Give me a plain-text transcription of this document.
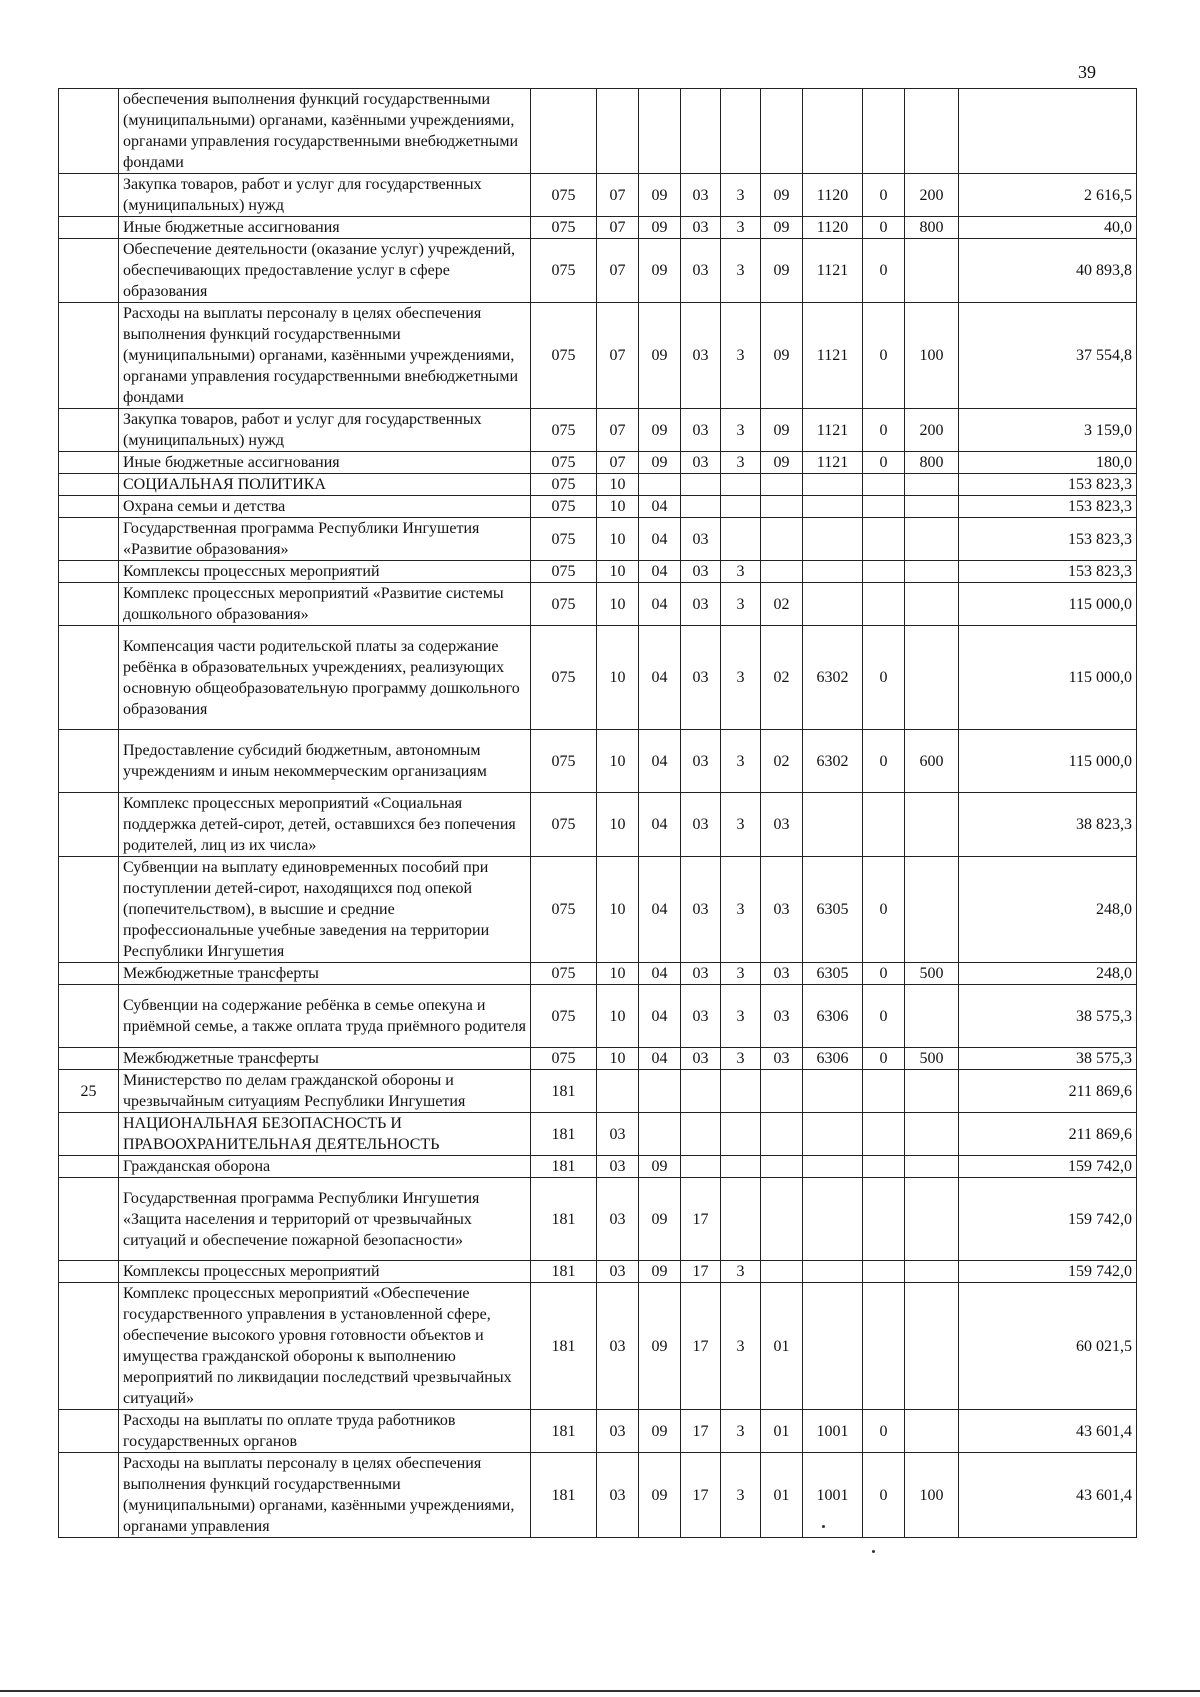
39
	обеспечения выполнения функций государственными (муниципальными) органами, казёнными учреждениями, органами управления государственными внебюджетными фондами										
	Закупка товаров, работ и услуг для государственных (муниципальных) нужд	075	07	09	03	3	09	1120	0	200	2 616,5
	Иные бюджетные ассигнования	075	07	09	03	3	09	1120	0	800	40,0
	Обеспечение деятельности (оказание услуг) учреждений, обеспечивающих предоставление услуг в сфере образования	075	07	09	03	3	09	1121	0		40 893,8
	Расходы на выплаты персоналу в целях обеспечения выполнения функций государственными (муниципальными) органами, казёнными учреждениями, органами управления государственными внебюджетными фондами	075	07	09	03	3	09	1121	0	100	37 554,8
	Закупка товаров, работ и услуг для государственных (муниципальных) нужд	075	07	09	03	3	09	1121	0	200	3 159,0
	Иные бюджетные ассигнования	075	07	09	03	3	09	1121	0	800	180,0
	СОЦИАЛЬНАЯ ПОЛИТИКА	075	10								153 823,3
	Охрана семьи и детства	075	10	04							153 823,3
	Государственная программа Республики Ингушетия «Развитие образования»	075	10	04	03						153 823,3
	Комплексы процессных мероприятий	075	10	04	03	3					153 823,3
	Комплекс процессных мероприятий «Развитие системы дошкольного образования»	075	10	04	03	3	02				115 000,0
	Компенсация части родительской платы за содержание ребёнка в образовательных учреждениях, реализующих основную общеобразовательную программу дошкольного образования	075	10	04	03	3	02	6302	0		115 000,0
	Предоставление субсидий бюджетным, автономным учреждениям и иным некоммерческим организациям	075	10	04	03	3	02	6302	0	600	115 000,0
	Комплекс процессных мероприятий «Социальная поддержка детей-сирот, детей, оставшихся без попечения родителей, лиц из их числа»	075	10	04	03	3	03				38 823,3
	Субвенции на выплату единовременных пособий при поступлении детей-сирот, находящихся под опекой (попечительством), в высшие и средние профессиональные учебные заведения на территории Республики Ингушетия	075	10	04	03	3	03	6305	0		248,0
	Межбюджетные трансферты	075	10	04	03	3	03	6305	0	500	248,0
	Субвенции на содержание ребёнка в семье опекуна и приёмной семье, а также оплата труда приёмного родителя	075	10	04	03	3	03	6306	0		38 575,3
	Межбюджетные трансферты	075	10	04	03	3	03	6306	0	500	38 575,3
25	Министерство по делам гражданской обороны и чрезвычайным ситуациям Республики Ингушетия	181									211 869,6
	НАЦИОНАЛЬНАЯ БЕЗОПАСНОСТЬ И ПРАВООХРАНИТЕЛЬНАЯ ДЕЯТЕЛЬНОСТЬ	181	03								211 869,6
	Гражданская оборона	181	03	09							159 742,0
	Государственная программа Республики Ингушетия «Защита населения и территорий от чрезвычайных ситуаций и обеспечение пожарной безопасности»	181	03	09	17						159 742,0
	Комплексы процессных мероприятий	181	03	09	17	3					159 742,0
	Комплекс процессных мероприятий «Обеспечение государственного управления в установленной сфере, обеспечение высокого уровня готовности объектов и имущества гражданской обороны к выполнению мероприятий по ликвидации последствий чрезвычайных ситуаций»	181	03	09	17	3	01				60 021,5
	Расходы на выплаты по оплате труда работников государственных органов	181	03	09	17	3	01	1001	0		43 601,4
	Расходы на выплаты персоналу в целях обеспечения выполнения функций государственными (муниципальными) органами, казёнными учреждениями, органами управления	181	03	09	17	3	01	1001	0	100	43 601,4
